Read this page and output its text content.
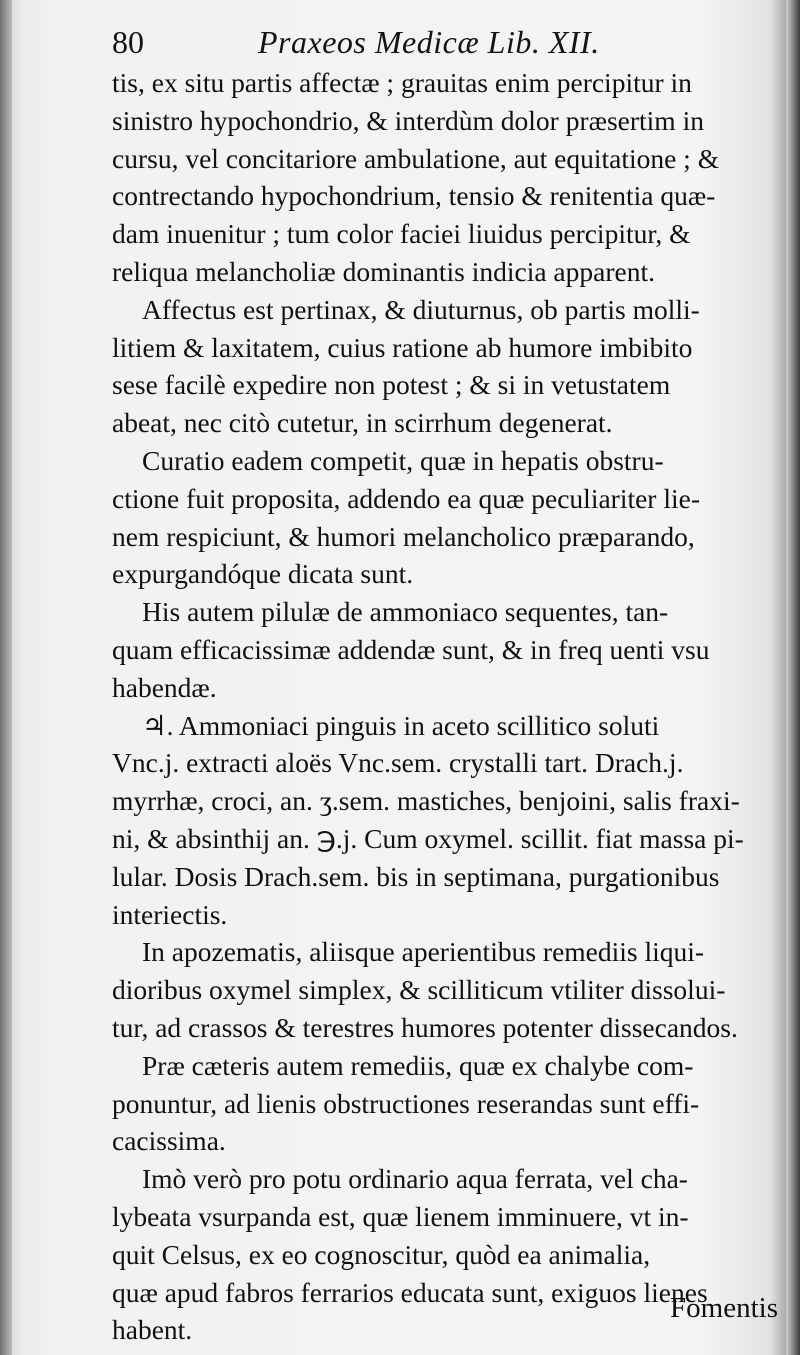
80	Praxeos Medicæ Lib. XII.
tis, ex situ partis affectæ ; grauitas enim percipitur in
sinistro hypochondrio, & interdùm dolor præsertim in
cursu, vel concitariore ambulatione, aut equitatione ; &
contrectando hypochondrium, tensio & renitentia quæ-
dam inuenitur ; tum color faciei liuidus percipitur, &
reliqua melancholiæ dominantis indicia apparent.
Affectus est pertinax, & diuturnus, ob partis molli-
litiem & laxitatem, cuius ratione ab humore imbibito
sese facilè expedire non potest ; & si in vetustatem
abeat, nec citò cutetur, in scirrhum degenerat.
Curatio eadem competit, quæ in hepatis obstru-
ctione fuit proposita, addendo ea quæ peculiariter lie-
nem respiciunt, & humori melancholico præparando,
expurgandóque dicata sunt.
His autem pilulæ de ammoniaco sequentes, tan-
quam efficacissimæ addendæ sunt, & in freq uenti vsu
habendæ.
♃. Ammoniaci pinguis in aceto scillitico soluti
Vnc.j. extracti aloës Vnc.sem. crystalli tart. Drach.j.
myrrhæ, croci, an. ʒ.sem. mastiches, benjoini, salis fraxi-
ni, & absinthij an. ℈.j. Cum oxymel. scillit. fiat massa pi-
lular. Dosis Drach.sem. bis in septimana, purgationibus
interiectis.
In apozematis, aliisque aperientibus remediis liqui-
dioribus oxymel simplex, & scilliticum vtiliter dissolui-
tur, ad crassos & terestres humores potenter dissecandos.
Præ cæteris autem remediis, quæ ex chalybe com-
ponuntur, ad lienis obstructiones reserandas sunt effi-
cacissima.
Imò verò pro potu ordinario aqua ferrata, vel cha-
lybeata vsurpanda est, quæ lienem imminuere, vt in-
quit Celsus, ex eo cognoscitur, quòd ea animalia,
quæ apud fabros ferrarios educata sunt, exiguos lienes
habent.
Fomentis
